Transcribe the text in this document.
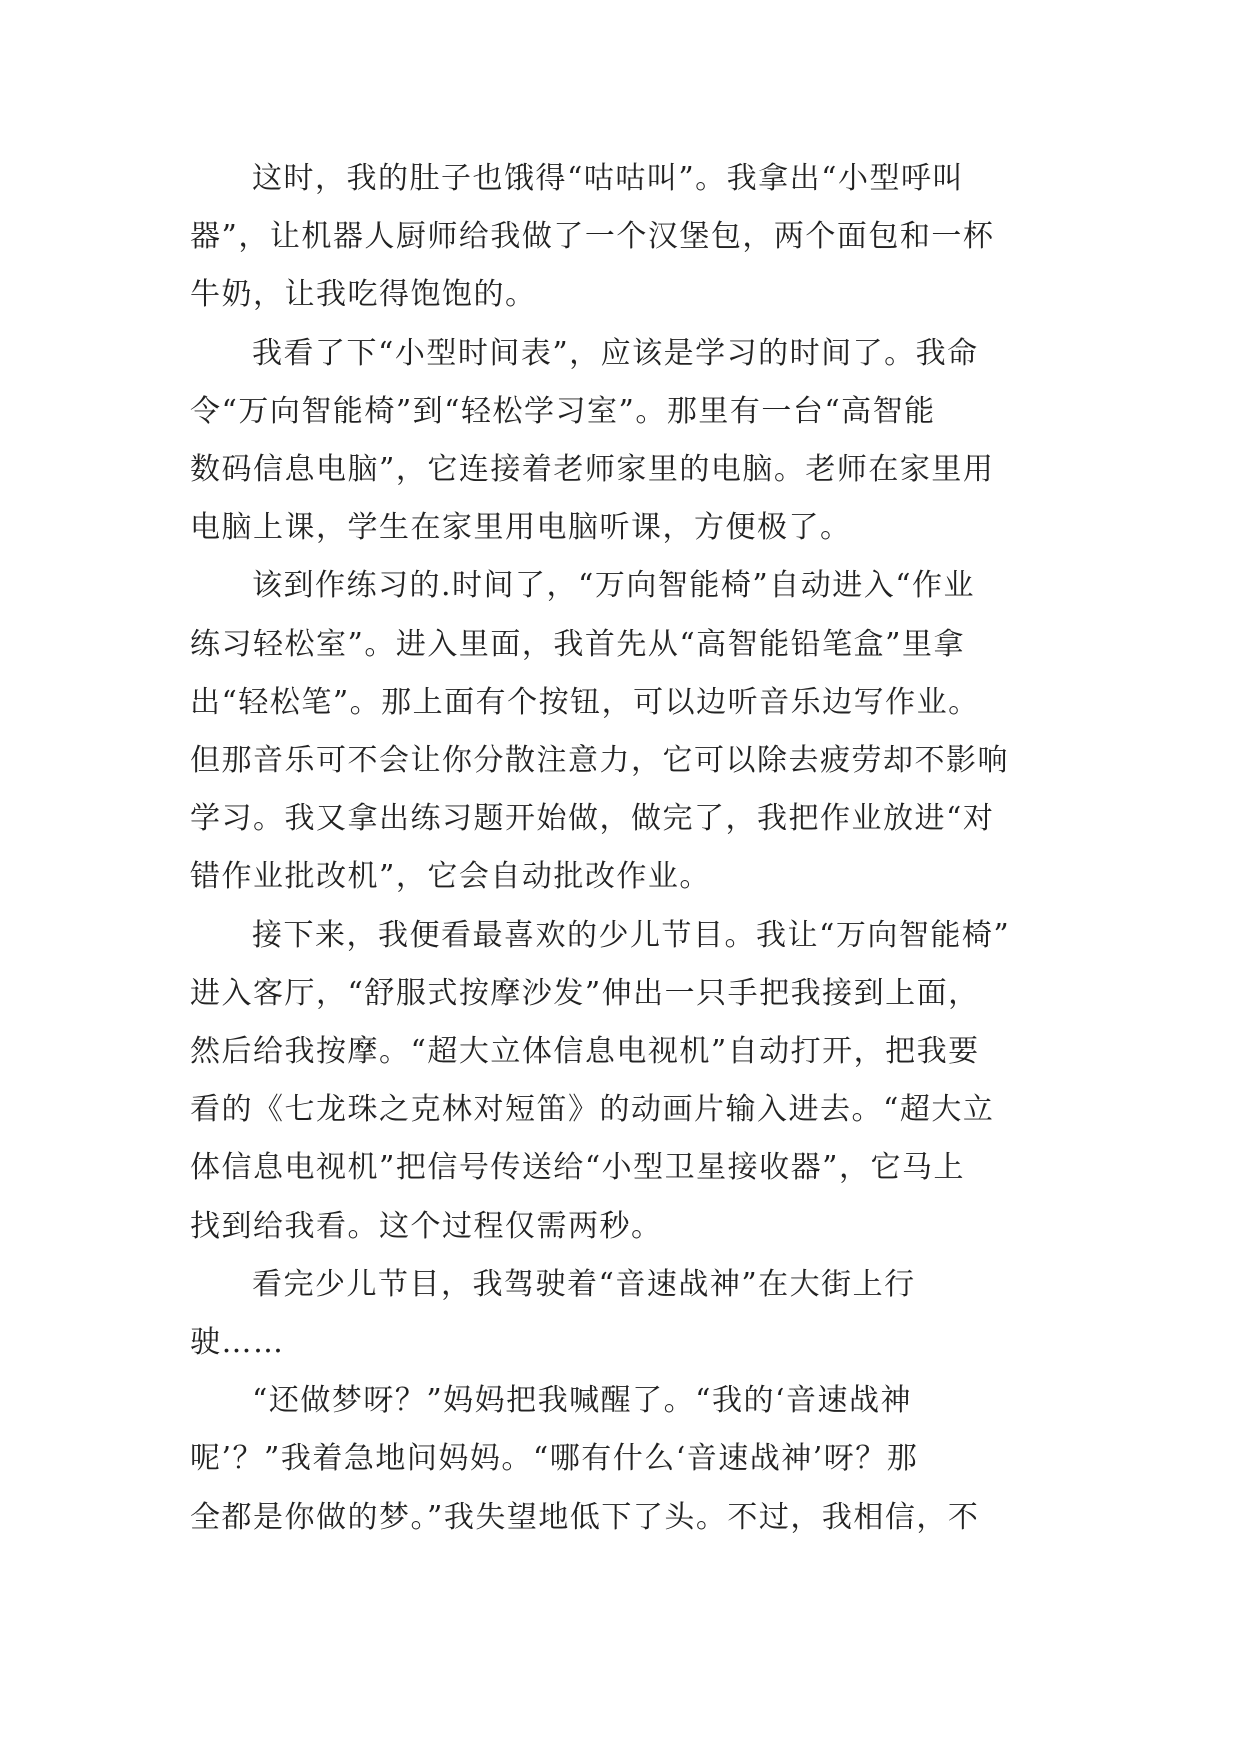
这时，我的肚子也饿得“咕咕叫”。我拿出“小型呼叫
器”，让机器人厨师给我做了一个汉堡包，两个面包和一杯
牛奶，让我吃得饱饱的。

我看了下“小型时间表”，应该是学习的时间了。我命
令“万向智能椅”到“轻松学习室”。那里有一台“高智能
数码信息电脑”，它连接着老师家里的电脑。老师在家里用
电脑上课，学生在家里用电脑听课，方便极了。

该到作练习的.时间了，“万向智能椅”自动进入“作业
练习轻松室”。进入里面，我首先从“高智能铅笔盒”里拿
出“轻松笔”。那上面有个按钮，可以边听音乐边写作业。
但那音乐可不会让你分散注意力，它可以除去疲劳却不影响
学习。我又拿出练习题开始做，做完了，我把作业放进“对
错作业批改机”，它会自动批改作业。

接下来，我便看最喜欢的少儿节目。我让“万向智能椅”
进入客厅，“舒服式按摩沙发”伸出一只手把我接到上面，
然后给我按摩。“超大立体信息电视机”自动打开，把我要
看的《七龙珠之克林对短笛》的动画片输入进去。“超大立
体信息电视机”把信号传送给“小型卫星接收器”，它马上
找到给我看。这个过程仅需两秒。

看完少儿节目，我驾驶着“音速战神”在大街上行
驶……

“还做梦呀？”妈妈把我喊醒了。“我的‘音速战神
呢’？”我着急地问妈妈。“哪有什么‘音速战神’呀？那
全都是你做的梦。”我失望地低下了头。不过，我相信，不
